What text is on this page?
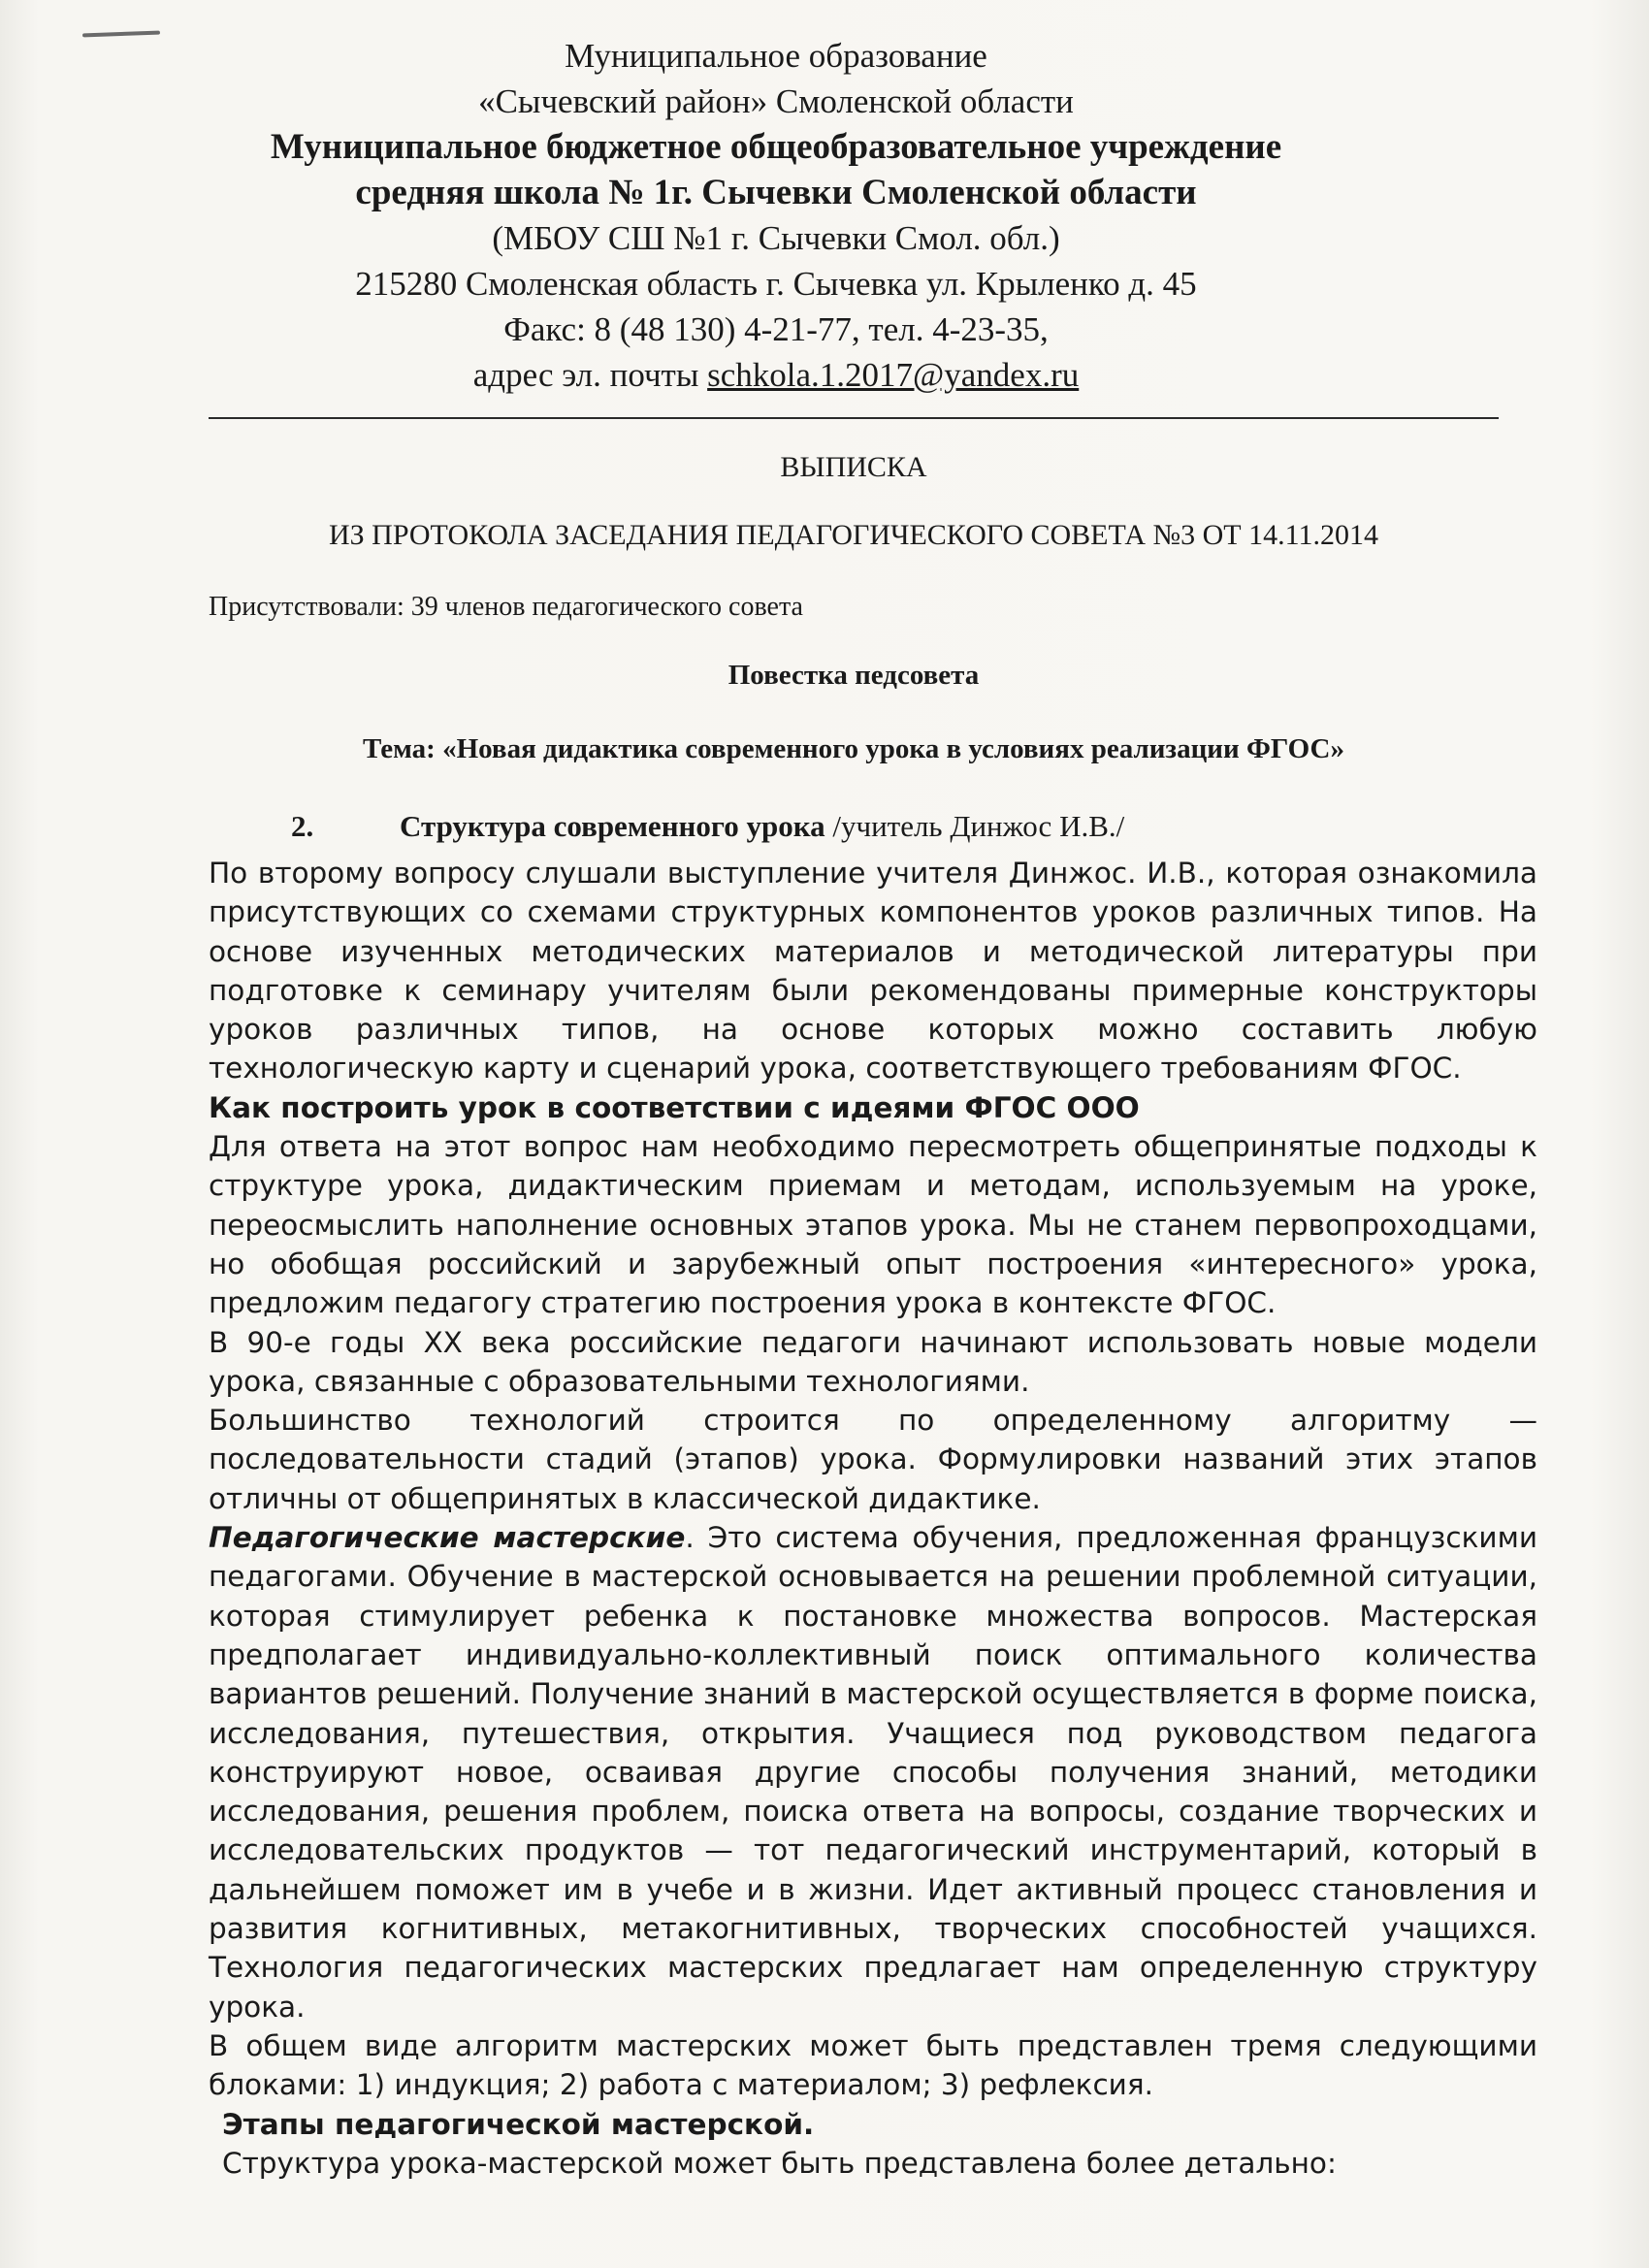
Муниципальное образование
«Сычевский район» Смоленской области
Муниципальное бюджетное общеобразовательное учреждение
средняя школа № 1г. Сычевки Смоленской области
(МБОУ СШ №1 г. Сычевки Смол. обл.)
215280 Смоленская область г. Сычевка ул. Крыленко д. 45
Факс: 8 (48 130) 4-21-77, тел. 4-23-35,
адрес эл. почты schkola.1.2017@yandex.ru
ВЫПИСКА
ИЗ ПРОТОКОЛА ЗАСЕДАНИЯ ПЕДАГОГИЧЕСКОГО СОВЕТА №3 ОТ 14.11.2014
Присутствовали: 39 членов педагогического совета
Повестка педсовета
Тема: «Новая дидактика современного урока в условиях реализации ФГОС»
2.	Структура современного урока /учитель Динжос И.В./

По второму вопросу слушали выступление учителя Динжос. И.В., которая ознакомила присутствующих со схемами структурных компонентов уроков различных типов. На основе изученных методических материалов и методической литературы при подготовке к семинару учителям были рекомендованы примерные конструкторы уроков различных типов, на основе которых можно составить любую технологическую карту и сценарий урока, соответствующего требованиям ФГОС.

Как построить урок в соответствии с идеями ФГОС ООО

Для ответа на этот вопрос нам необходимо пересмотреть общепринятые подходы к структуре урока, дидактическим приемам и методам, используемым на уроке, переосмыслить наполнение основных этапов урока. Мы не станем первопроходцами, но обобщая российский и зарубежный опыт построения «интересного» урока, предложим педагогу стратегию построения урока в контексте ФГОС.

В 90-е годы XX века российские педагоги начинают использовать новые модели урока, связанные с образовательными технологиями.

Большинство технологий строится по определенному алгоритму — последовательности стадий (этапов) урока. Формулировки названий этих этапов отличны от общепринятых в классической дидактике.

Педагогические мастерские. Это система обучения, предложенная французскими педагогами. Обучение в мастерской основывается на решении проблемной ситуации, которая стимулирует ребенка к постановке множества вопросов. Мастерская предполагает индивидуально-коллективный поиск оптимального количества вариантов решений. Получение знаний в мастерской осуществляется в форме поиска, исследования, путешествия, открытия. Учащиеся под руководством педагога конструируют новое, осваивая другие способы получения знаний, методики исследования, решения проблем, поиска ответа на вопросы, создание творческих и исследовательских продуктов — тот педагогический инструментарий, который в дальнейшем поможет им в учебе и в жизни. Идет активный процесс становления и развития когнитивных, метакогнитивных, творческих способностей учащихся. Технология педагогических мастерских предлагает нам определенную структуру урока.

В общем виде алгоритм мастерских может быть представлен тремя следующими блоками: 1) индукция; 2) работа с материалом; 3) рефлексия.

Этапы педагогической мастерской.

Структура урока-мастерской может быть представлена более детально:
